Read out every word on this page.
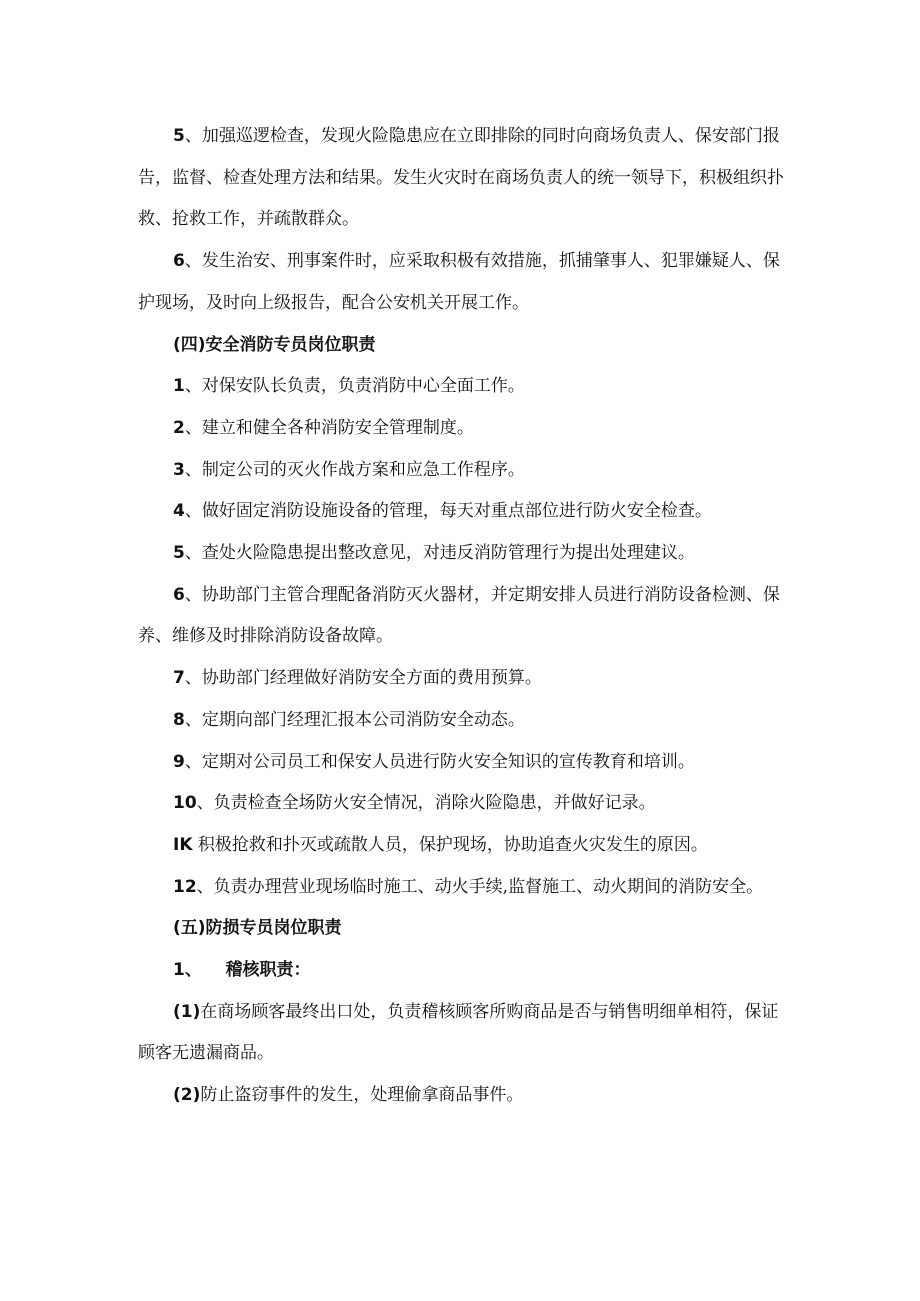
5、加强巡逻检查，发现火险隐患应在立即排除的同时向商场负责人、保安部门报告，监督、检查处理方法和结果。发生火灾时在商场负责人的统一领导下，积极组织扑救、抢救工作，并疏散群众。

6、发生治安、刑事案件时，应采取积极有效措施，抓捕肇事人、犯罪嫌疑人、保护现场，及时向上级报告，配合公安机关开展工作。

(四)安全消防专员岗位职责

1、对保安队长负责，负责消防中心全面工作。

2、建立和健全各种消防安全管理制度。

3、制定公司的灭火作战方案和应急工作程序。

4、做好固定消防设施设备的管理，每天对重点部位进行防火安全检查。

5、查处火险隐患提出整改意见，对违反消防管理行为提出处理建议。

6、协助部门主管合理配备消防灭火器材，并定期安排人员进行消防设备检测、保养、维修及时排除消防设备故障。

7、协助部门经理做好消防安全方面的费用预算。

8、定期向部门经理汇报本公司消防安全动态。

9、定期对公司员工和保安人员进行防火安全知识的宣传教育和培训。

10、负责检查全场防火安全情况，消除火险隐患，并做好记录。

IK 积极抢救和扑灭或疏散人员，保护现场，协助追查火灾发生的原因。

12、负责办理营业现场临时施工、动火手续,监督施工、动火期间的消防安全。

(五)防损专员岗位职责

1、    稽核职责：

(1)在商场顾客最终出口处，负责稽核顾客所购商品是否与销售明细单相符，保证顾客无遗漏商品。

(2)防止盗窃事件的发生，处理偷拿商品事件。
